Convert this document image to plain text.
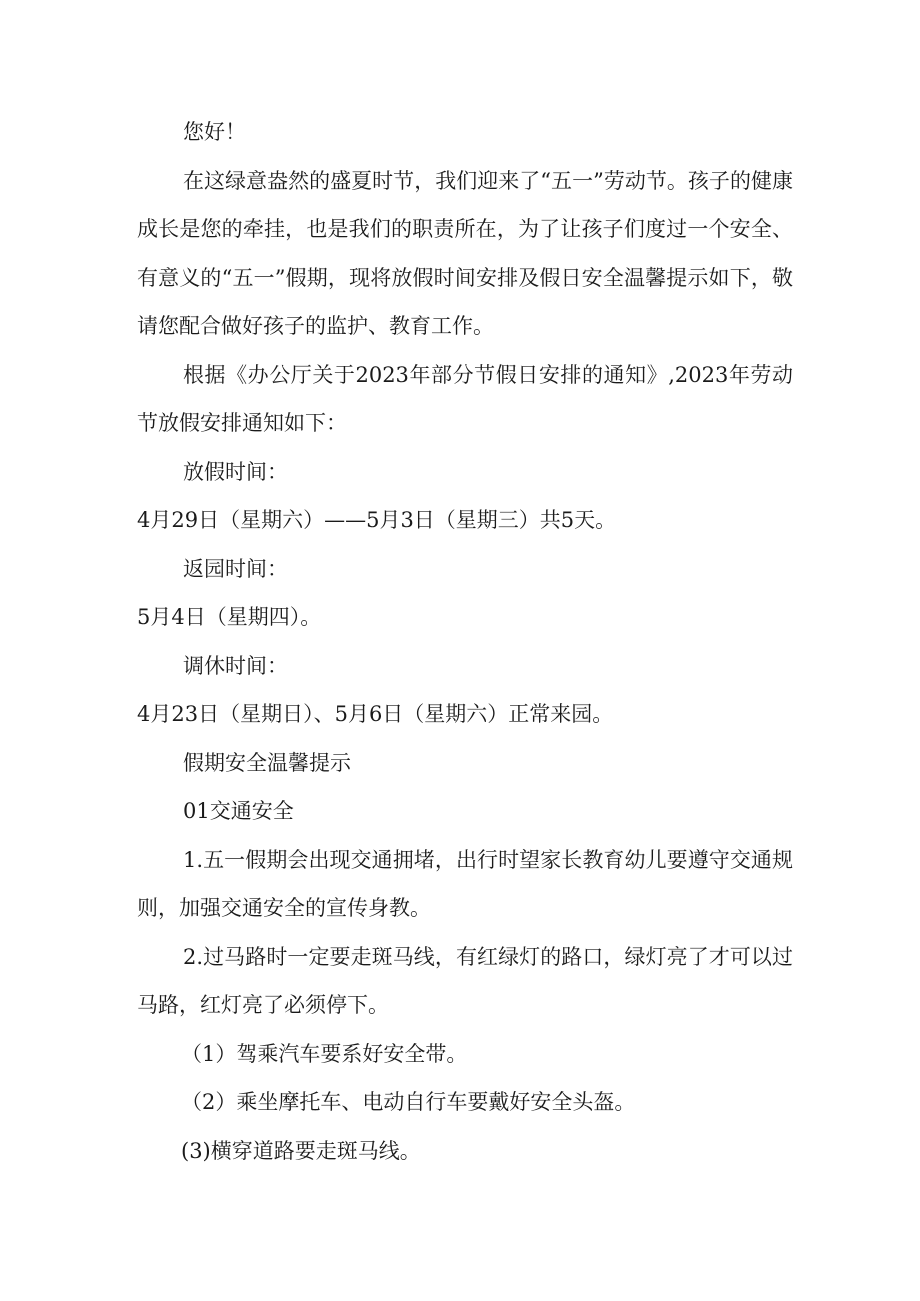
您好！

在这绿意盎然的盛夏时节，我们迎来了“五一”劳动节。孩子的健康成长是您的牵挂，也是我们的职责所在，为了让孩子们度过一个安全、有意义的“五一”假期，现将放假时间安排及假日安全温馨提示如下，敬请您配合做好孩子的监护、教育工作。

根据《办公厅关于2023年部分节假日安排的通知》,2023年劳动节放假安排通知如下：

放假时间：

4月29日（星期六）——5月3日（星期三）共5天。

返园时间：

5月4日（星期四）。

调休时间：

4月23日（星期日）、5月6日（星期六）正常来园。

假期安全温馨提示

01交通安全

1.五一假期会出现交通拥堵，出行时望家长教育幼儿要遵守交通规则，加强交通安全的宣传身教。

2.过马路时一定要走斑马线，有红绿灯的路口，绿灯亮了才可以过马路，红灯亮了必须停下。

（1）驾乘汽车要系好安全带。

（2）乘坐摩托车、电动自行车要戴好安全头盔。

(3)横穿道路要走斑马线。
